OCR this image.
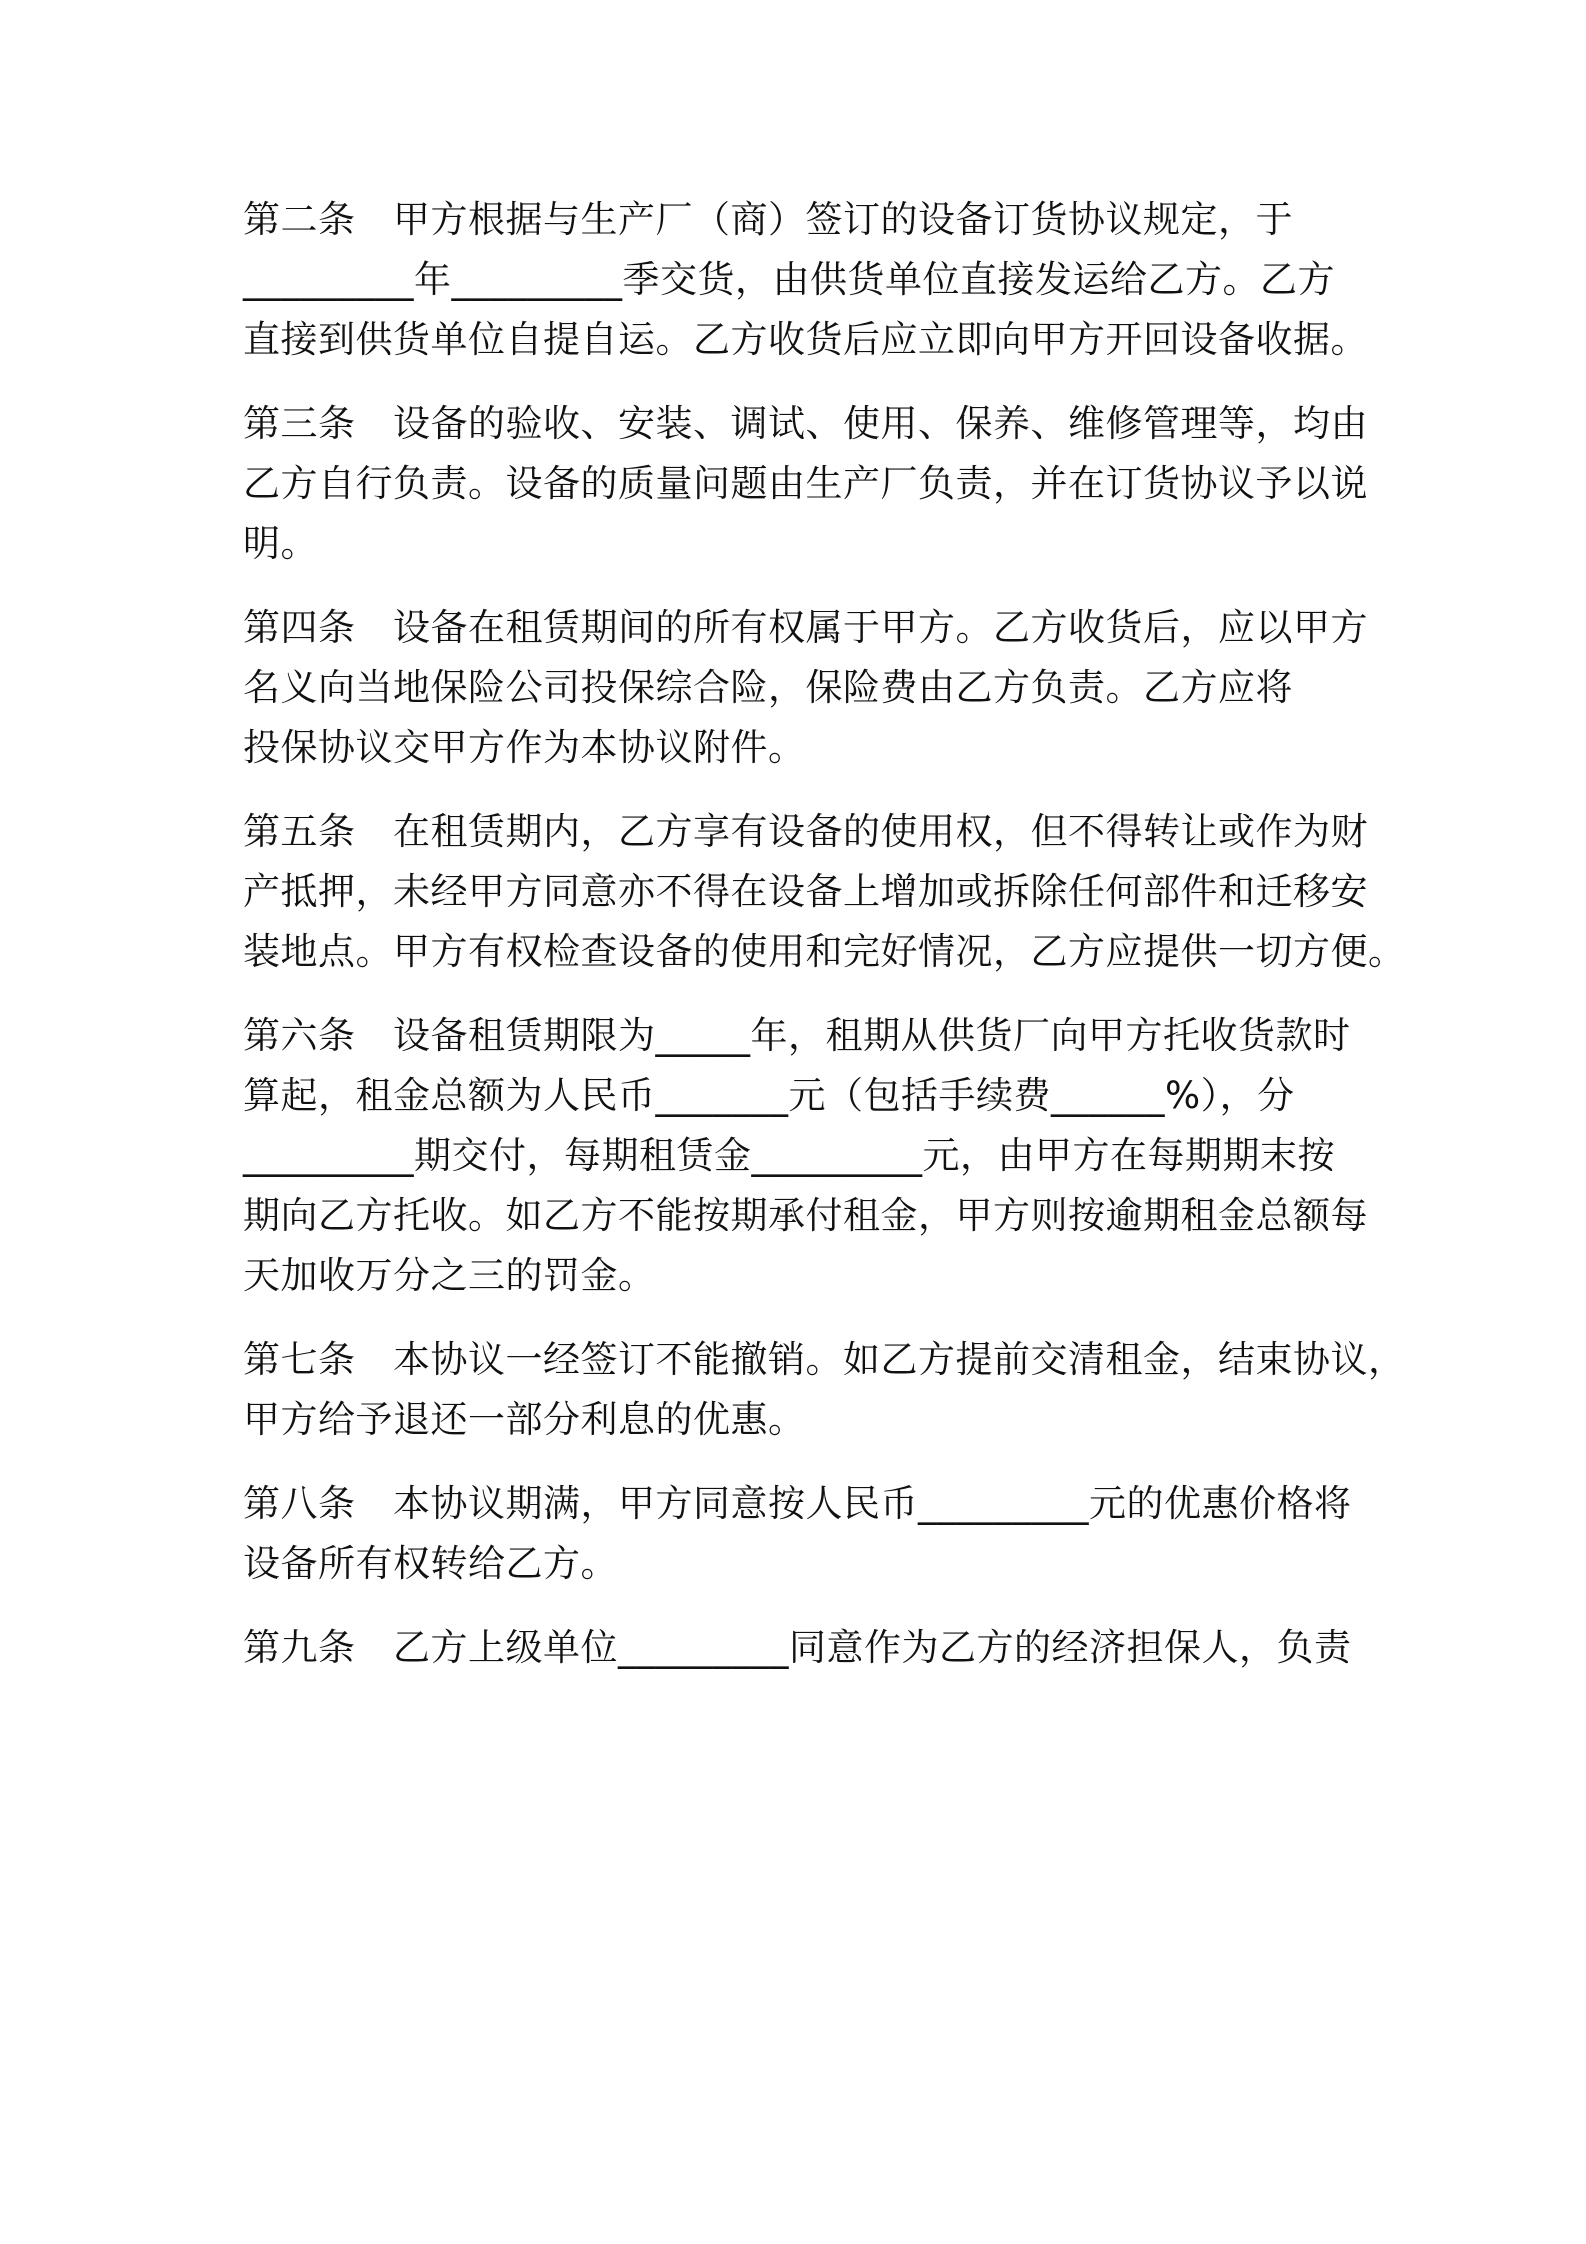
第二条　甲方根据与生产厂（商）签订的设备订货协议规定，于
_________年_________季交货，由供货单位直接发运给乙方。乙方
直接到供货单位自提自运。乙方收货后应立即向甲方开回设备收据。
第三条　设备的验收、安装、调试、使用、保养、维修管理等，均由
乙方自行负责。设备的质量问题由生产厂负责，并在订货协议予以说
明。
第四条　设备在租赁期间的所有权属于甲方。乙方收货后，应以甲方
名义向当地保险公司投保综合险，保险费由乙方负责。乙方应将
投保协议交甲方作为本协议附件。
第五条　在租赁期内，乙方享有设备的使用权，但不得转让或作为财
产抵押，未经甲方同意亦不得在设备上增加或拆除任何部件和迁移安
装地点。甲方有权检查设备的使用和完好情况，乙方应提供一切方便。
第六条　设备租赁期限为_____年，租期从供货厂向甲方托收货款时
算起，租金总额为人民币_______元（包括手续费______%），分
_________期交付，每期租赁金_________元，由甲方在每期期末按
期向乙方托收。如乙方不能按期承付租金，甲方则按逾期租金总额每
天加收万分之三的罚金。
第七条　本协议一经签订不能撤销。如乙方提前交清租金，结束协议，
甲方给予退还一部分利息的优惠。
第八条　本协议期满，甲方同意按人民币_________元的优惠价格将
设备所有权转给乙方。
第九条　乙方上级单位_________同意作为乙方的经济担保人，负责
